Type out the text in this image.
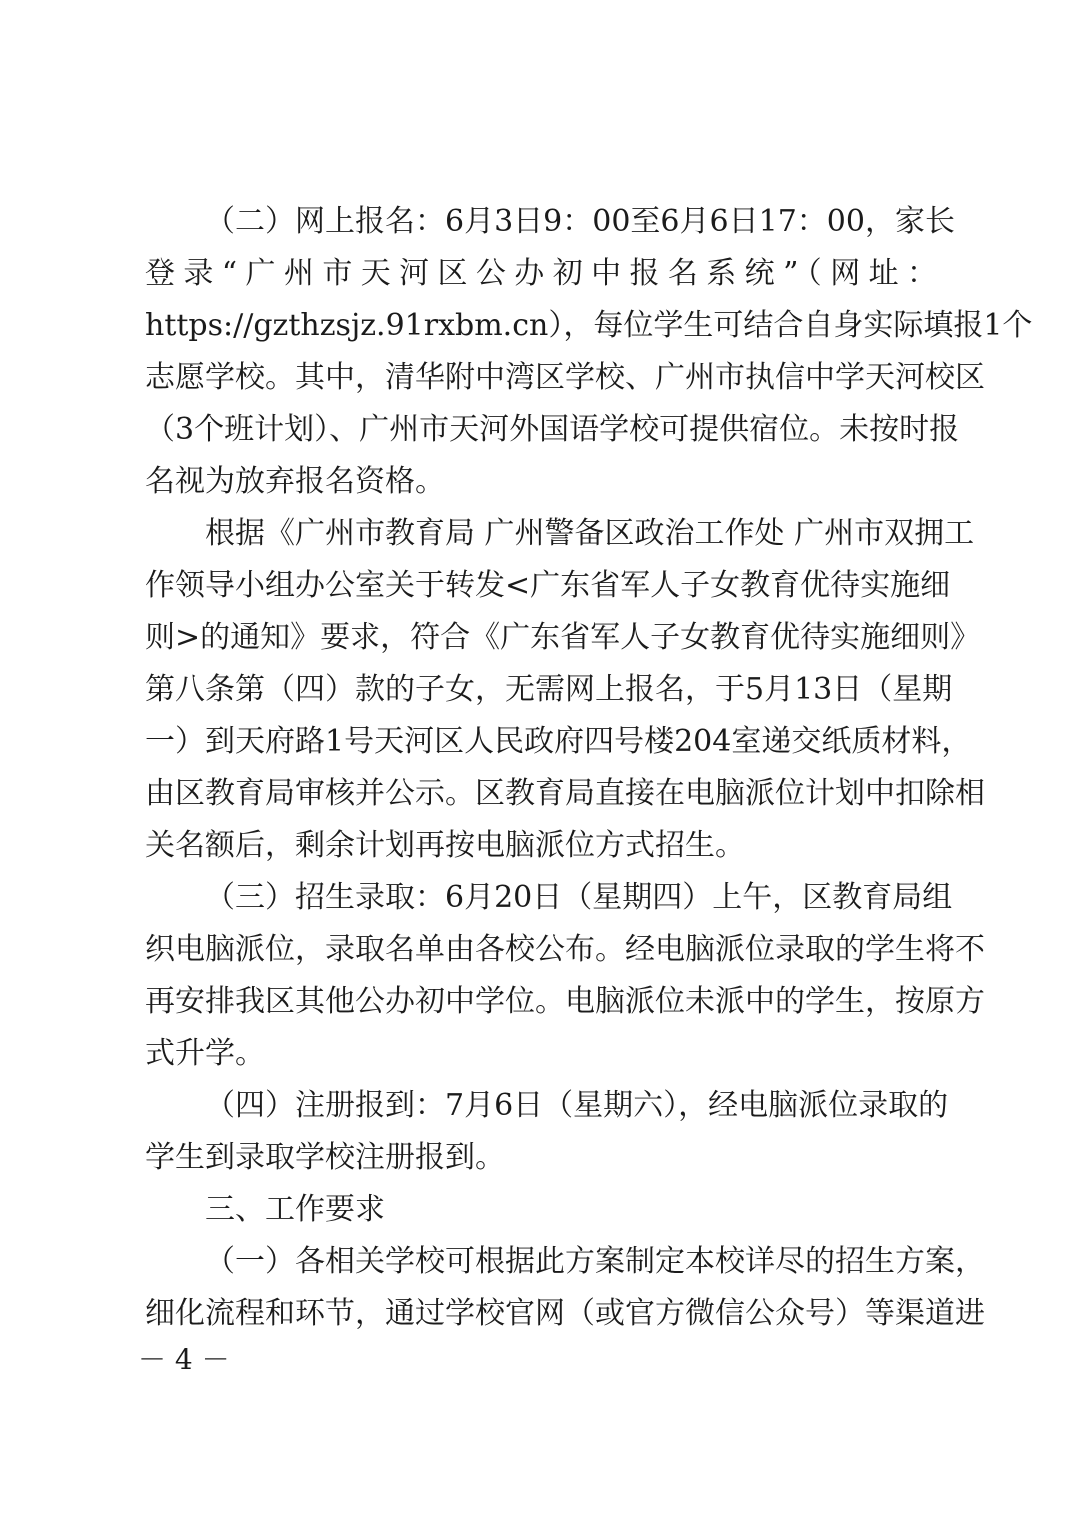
（二）网上报名：6月3日9：00至6月6日17：00，家长
登录“广州市天河区公办初中报名系统”（网址：
https://gzthzsjz.91rxbm.cn），每位学生可结合自身实际填报1个
志愿学校。其中，清华附中湾区学校、广州市执信中学天河校区
（3个班计划）、广州市天河外国语学校可提供宿位。未按时报
名视为放弃报名资格。
根据《广州市教育局 广州警备区政治工作处 广州市双拥工
作领导小组办公室关于转发<广东省军人子女教育优待实施细
则>的通知》要求，符合《广东省军人子女教育优待实施细则》
第八条第（四）款的子女，无需网上报名，于5月13日（星期
一）到天府路1号天河区人民政府四号楼204室递交纸质材料，
由区教育局审核并公示。区教育局直接在电脑派位计划中扣除相
关名额后，剩余计划再按电脑派位方式招生。
（三）招生录取：6月20日（星期四）上午，区教育局组
织电脑派位，录取名单由各校公布。经电脑派位录取的学生将不
再安排我区其他公办初中学位。电脑派位未派中的学生，按原方
式升学。
（四）注册报到：7月6日（星期六），经电脑派位录取的
学生到录取学校注册报到。
三、工作要求
（一）各相关学校可根据此方案制定本校详尽的招生方案，
细化流程和环节，通过学校官网（或官方微信公众号）等渠道进
－ 4 －
